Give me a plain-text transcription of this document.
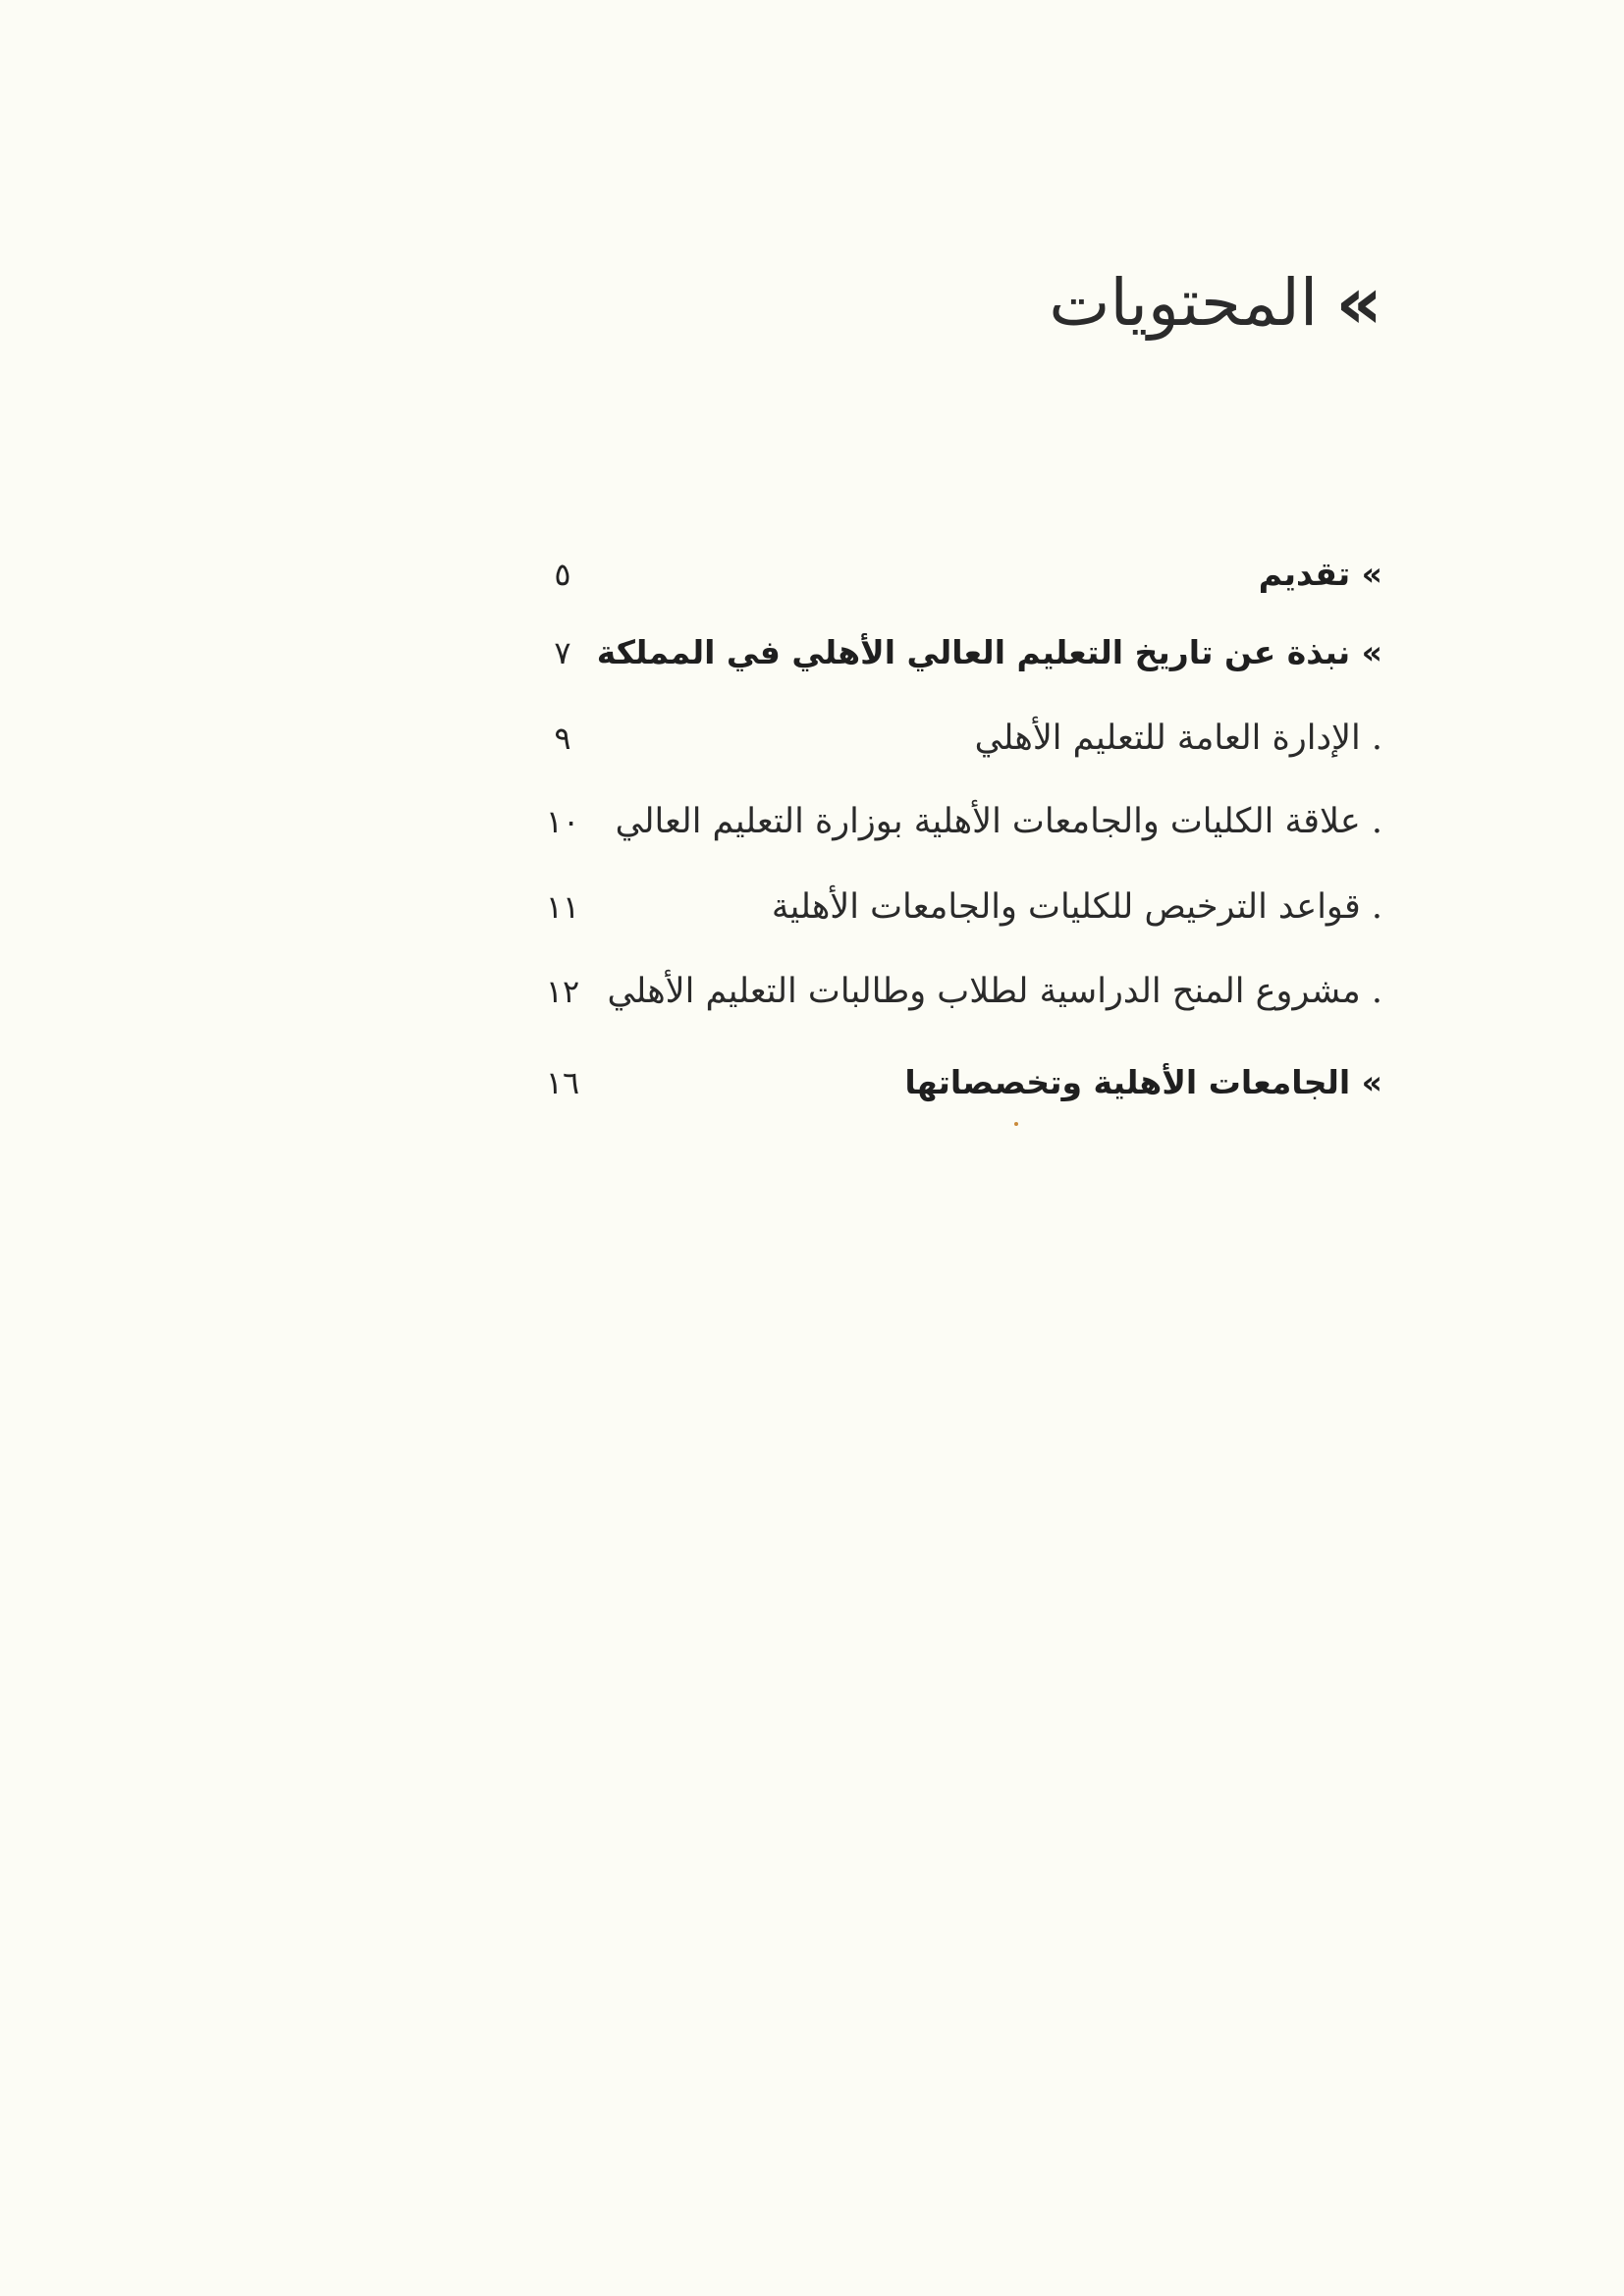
»
المحتويات
» تقديم
٥
» نبذة عن تاريخ التعليم العالي الأهلي في المملكة
٧
. الإدارة العامة للتعليم الأهلي
٩
. علاقة الكليات والجامعات الأهلية بوزارة التعليم العالي
١٠
. قواعد الترخيص للكليات والجامعات الأهلية
١١
. مشروع المنح الدراسية لطلاب وطالبات التعليم الأهلي
١٢
» الجامعات الأهلية وتخصصاتها
١٦
